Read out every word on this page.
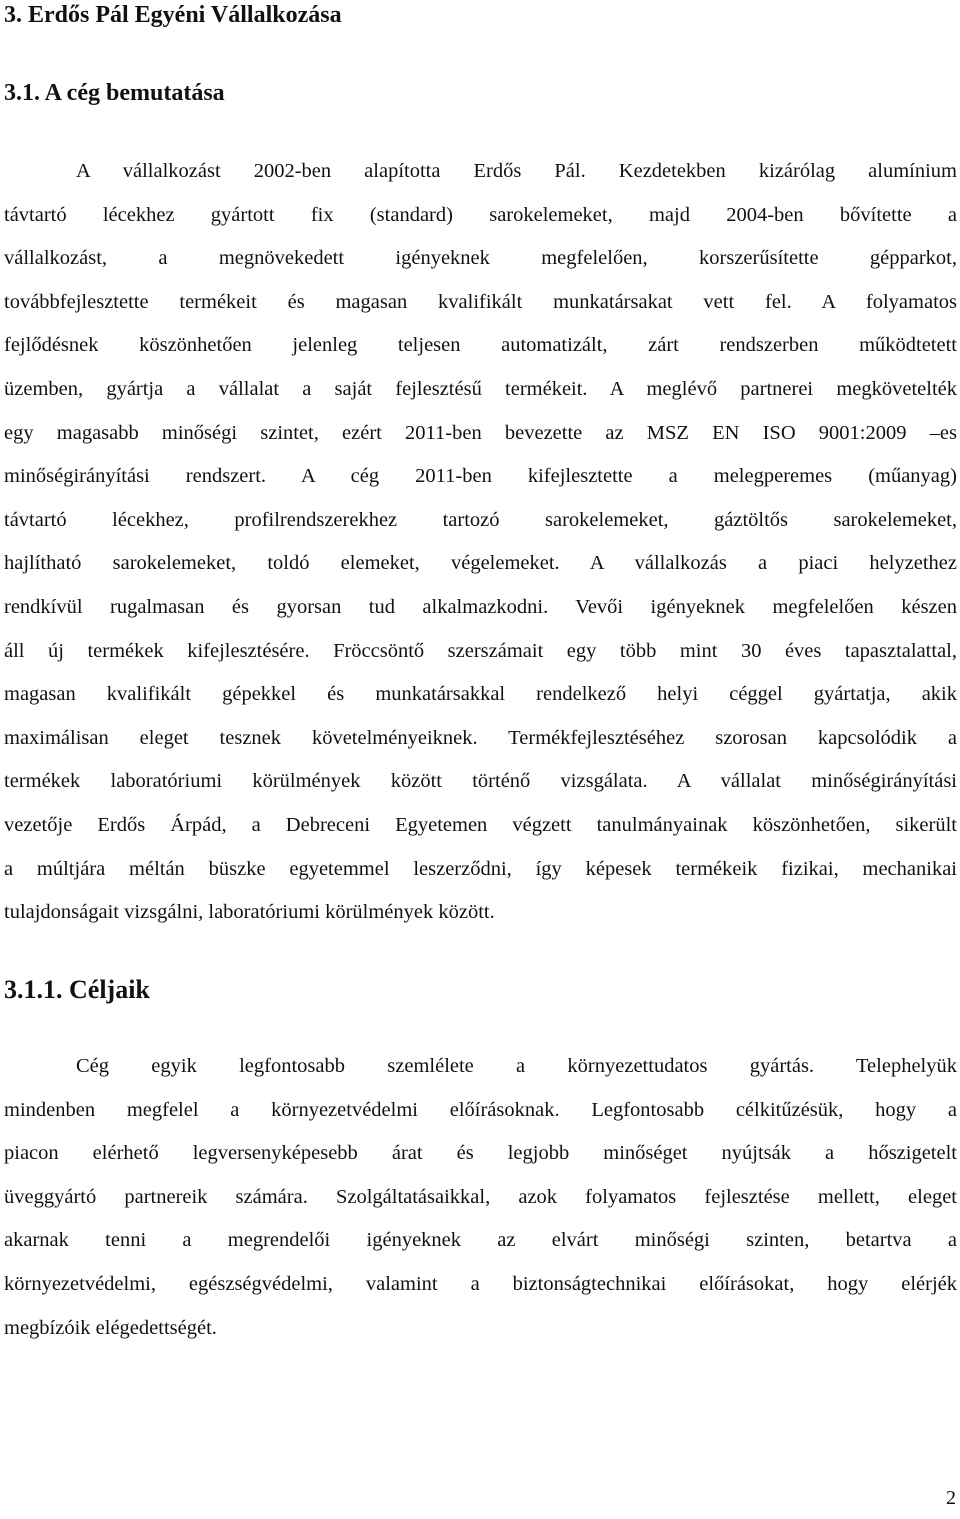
3. Erdős Pál Egyéni Vállalkozása
3.1. A cég bemutatása
A vállalkozást 2002-ben alapította Erdős Pál. Kezdetekben kizárólag alumínium
távtartó lécekhez gyártott fix (standard) sarokelemeket, majd 2004-ben bővítette a
vállalkozást, a megnövekedett igényeknek megfelelően, korszerűsítette gépparkot,
továbbfejlesztette termékeit és magasan kvalifikált munkatársakat vett fel. A folyamatos
fejlődésnek köszönhetően jelenleg teljesen automatizált, zárt rendszerben működtetett
üzemben, gyártja a vállalat a saját fejlesztésű termékeit. A meglévő partnerei megkövetelték
egy magasabb minőségi szintet, ezért 2011-ben bevezette az MSZ EN ISO 9001:2009 –es
minőségirányítási rendszert. A cég 2011-ben kifejlesztette a melegperemes (műanyag)
távtartó lécekhez, profilrendszerekhez tartozó sarokelemeket, gáztöltős sarokelemeket,
hajlítható sarokelemeket, toldó elemeket, végelemeket. A vállalkozás a piaci helyzethez
rendkívül rugalmasan és gyorsan tud alkalmazkodni. Vevői igényeknek megfelelően készen
áll új termékek kifejlesztésére. Fröccsöntő szerszámait egy több mint 30 éves tapasztalattal,
magasan kvalifikált gépekkel és munkatársakkal rendelkező helyi céggel gyártatja, akik
maximálisan eleget tesznek követelményeiknek. Termékfejlesztéséhez szorosan kapcsolódik a
termékek laboratóriumi körülmények között történő vizsgálata. A vállalat minőségirányítási
vezetője Erdős Árpád, a Debreceni Egyetemen végzett tanulmányainak köszönhetően, sikerült
a múltjára méltán büszke egyetemmel leszerződni, így képesek termékeik fizikai, mechanikai
tulajdonságait vizsgálni, laboratóriumi körülmények között.
3.1.1. Céljaik
Cég egyik legfontosabb szemlélete a környezettudatos gyártás. Telephelyük
mindenben megfelel a környezetvédelmi előírásoknak. Legfontosabb célkitűzésük, hogy a
piacon elérhető legversenyképesebb árat és legjobb minőséget nyújtsák a hőszigetelt
üveggyártó partnereik számára. Szolgáltatásaikkal, azok folyamatos fejlesztése mellett, eleget
akarnak tenni a megrendelői igényeknek az elvárt minőségi szinten, betartva a
környezetvédelmi, egészségvédelmi, valamint a biztonságtechnikai előírásokat, hogy elérjék
megbízóik elégedettségét.
2
